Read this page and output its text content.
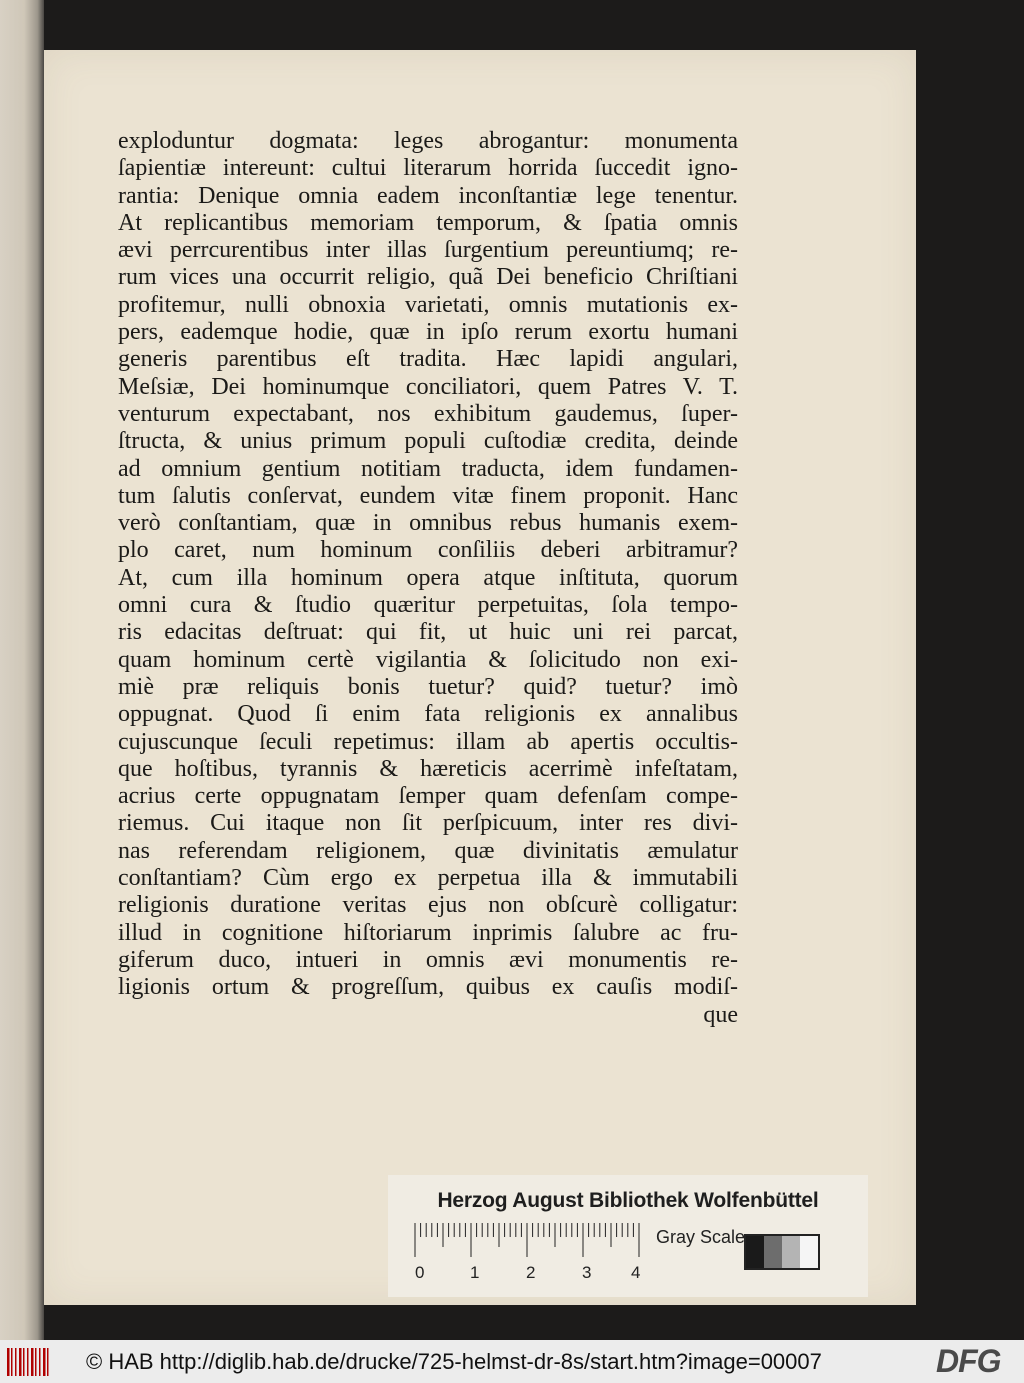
exploduntur dogmata: leges abrogantur: monumenta
ſapientiæ intereunt: cultui literarum horrida ſuccedit igno-
rantia: Denique omnia eadem inconſtantiæ lege tenentur.
At replicantibus memoriam temporum, & ſpatia omnis
ævi perrcurentibus inter illas ſurgentium pereuntiumq; re-
rum vices una occurrit religio, quã Dei beneficio Chriſtiani
profitemur, nulli obnoxia varietati, omnis mutationis ex-
pers, eademque hodie, quæ in ipſo rerum exortu humani
generis parentibus eſt tradita. Hæc lapidi angulari,
Meſsiæ, Dei hominumque conciliatori, quem Patres V. T.
venturum expectabant, nos exhibitum gaudemus, ſuper-
ſtructa, & unius primum populi cuſtodiæ credita, deinde
ad omnium gentium notitiam traducta, idem fundamen-
tum ſalutis conſervat, eundem vitæ finem proponit. Hanc
verò conſtantiam, quæ in omnibus rebus humanis exem-
plo caret, num hominum conſiliis deberi arbitramur?
At, cum illa hominum opera atque inſtituta, quorum
omni cura & ſtudio quæritur perpetuitas, ſola tempo-
ris edacitas deſtruat: qui fit, ut huic uni rei parcat,
quam hominum certè vigilantia & ſolicitudo non exi-
miè præ reliquis bonis tuetur? quid? tuetur? imò
oppugnat. Quod ſi enim fata religionis ex annalibus
cujuscunque ſeculi repetimus: illam ab apertis occultis-
que hoſtibus, tyrannis & hæreticis acerrimè infeſtatam,
acrius certe oppugnatam ſemper quam defenſam compe-
riemus. Cui itaque non ſit perſpicuum, inter res divi-
nas referendam religionem, quæ divinitatis æmulatur
conſtantiam? Cùm ergo ex perpetua illa & immutabili
religionis duratione veritas ejus non obſcurè colligatur:
illud in cognitione hiſtoriarum inprimis ſalubre ac fru-
giferum duco, intueri in omnis ævi monumentis re-
ligionis ortum & progreſſum, quibus ex cauſis modiſ-
que
Herzog August Bibliothek Wolfenbüttel
Gray Scale
0	1	2	3 4
© HAB http://diglib.hab.de/drucke/725-helmst-dr-8s/start.htm?image=00007	DFG
